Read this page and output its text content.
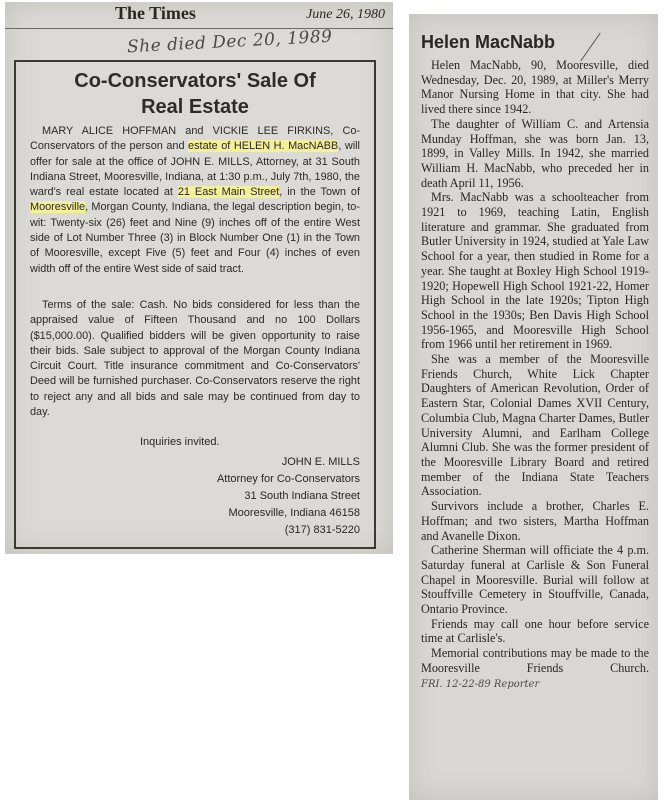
The Times	June 26, 1980
She died Dec 20, 1989
Co-Conservators' Sale Of
Real Estate
MARY ALICE HOFFMAN and VICKIE LEE FIRKINS, Co-Conservators of the person and estate of HELEN H. MacNABB, will offer for sale at the office of JOHN E. MILLS, Attorney, at 31 South Indiana Street, Mooresville, Indiana, at 1:30 p.m., July 7th, 1980, the ward's real estate located at 21 East Main Street, in the Town of Mooresville, Morgan County, Indiana, the legal description begin, to-wit: Twenty-six (26) feet and Nine (9) inches off of the entire West side of Lot Number Three (3) in Block Number One (1) in the Town of Mooresville, except Five (5) feet and Four (4) inches of even width off of the entire West side of said tract.
Terms of the sale: Cash. No bids considered for less than the appraised value of Fifteen Thousand and no 100 Dollars ($15,000.00). Qualified bidders will be given opportunity to raise their bids. Sale subject to approval of the Morgan County Indiana Circuit Court. Title insurance commitment and Co-Conservators' Deed will be furnished purchaser. Co-Conservators reserve the right to reject any and all bids and sale may be continued from day to day.
Inquiries invited.
JOHN E. MILLS
Attorney for Co-Conservators
31 South Indiana Street
Mooresville, Indiana 46158
(317) 831-5220
Helen MacNabb

Helen MacNabb, 90, Mooresville, died Wednesday, Dec. 20, 1989, at Miller's Merry Manor Nursing Home in that city. She had lived there since 1942.

The daughter of William C. and Artensia Munday Hoffman, she was born Jan. 13, 1899, in Valley Mills. In 1942, she married William H. MacNabb, who preceded her in death April 11, 1956.

Mrs. MacNabb was a schoolteacher from 1921 to 1969, teaching Latin, English literature and grammar. She graduated from Butler University in 1924, studied at Yale Law School for a year, then studied in Rome for a year. She taught at Boxley High School 1919-1920; Hopewell High School 1921-22, Homer High School in the late 1920s; Tipton High School in the 1930s; Ben Davis High School 1956-1965, and Mooresville High School from 1966 until her retirement in 1969.

She was a member of the Mooresville Friends Church, White Lick Chapter Daughters of American Revolution, Order of Eastern Star, Colonial Dames XVII Century, Columbia Club, Magna Charter Dames, Butler University Alumni, and Earlham College Alumni Club. She was the former president of the Mooresville Library Board and retired member of the Indiana State Teachers Association.

Survivors include a brother, Charles E. Hoffman; and two sisters, Martha Hoffman and Avanelle Dixon.

Catherine Sherman will officiate the 4 p.m. Saturday funeral at Carlisle & Son Funeral Chapel in Mooresville. Burial will follow at Stouffville Cemetery in Stouffville, Canada, Ontario Province.

Friends may call one hour before service time at Carlisle's.

Memorial contributions may be made to the Mooresville Friends Church. FRI. 12-22-89 Reporter
